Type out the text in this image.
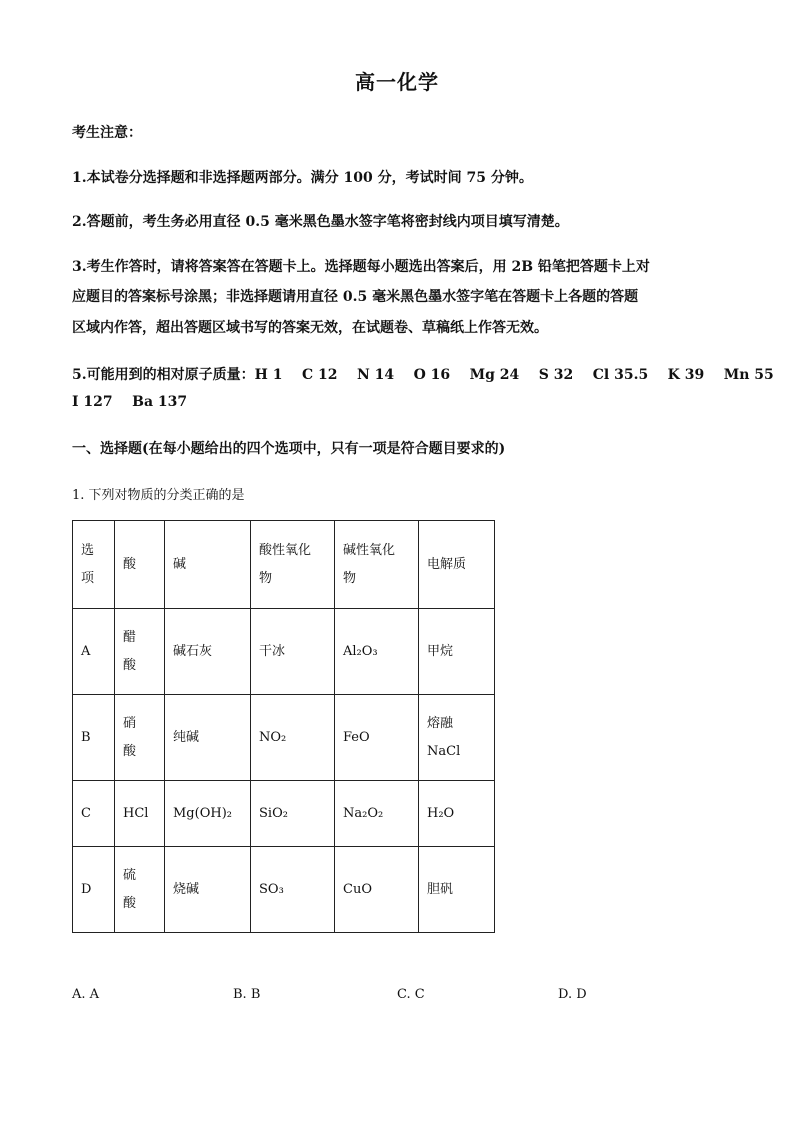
高一化学
考生注意：
1.本试卷分选择题和非选择题两部分。满分 100 分，考试时间 75 分钟。
2.答题前，考生务必用直径 0.5 毫米黑色墨水签字笔将密封线内项目填写清楚。
3.考生作答时，请将答案答在答题卡上。选择题每小题选出答案后，用 2B 铅笔把答题卡上对
应题目的答案标号涂黑；非选择题请用直径 0.5 毫米黑色墨水签字笔在答题卡上各题的答题
区域内作答，超出答题区域书写的答案无效，在试题卷、草稿纸上作答无效。
5.可能用到的相对原子质量：H 1    C 12    N 14    O 16    Mg 24    S 32    Cl 35.5    K 39    Mn 55
I 127    Ba 137
一、选择题(在每小题给出的四个选项中，只有一项是符合题目要求的)
1. 下列对物质的分类正确的是
选项	酸	碱	酸性氧化物	碱性氧化物	电解质
A	醋酸	碱石灰	干冰	Al₂O₃	甲烷
B	硝酸	纯碱	NO₂	FeO	熔融NaCl
C	HCl	Mg(OH)₂	SiO₂	Na₂O₂	H₂O
D	硫酸	烧碱	SO₃	CuO	胆矾
A. A	B. B	C. C	D. D
